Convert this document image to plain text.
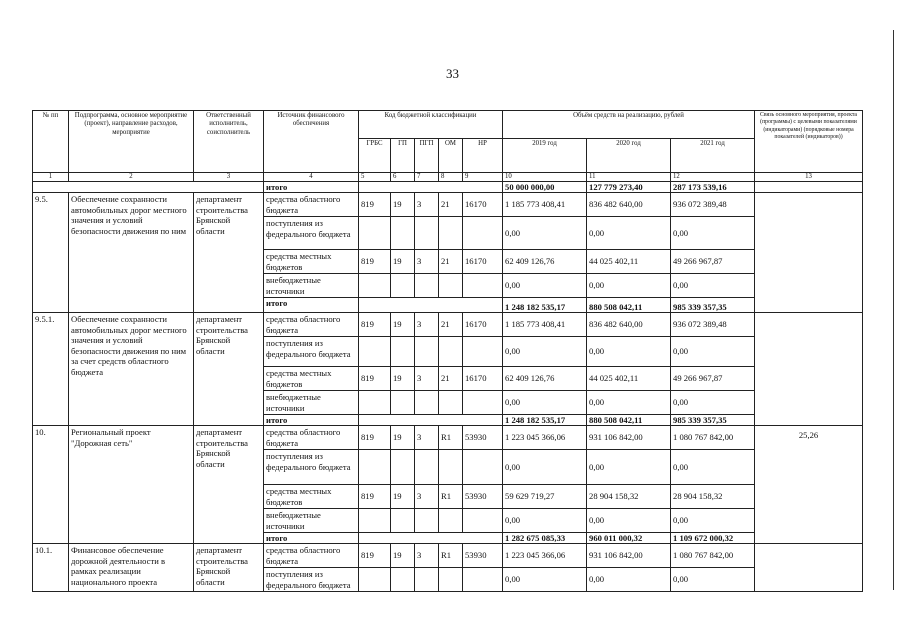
33
№ пп	Подпрограмма, основное мероприятие (проект), направление расходов, мероприятие	Ответственный исполнитель, соисполнитель	Источник финансового обеспечения	Код бюджетной классификации					Объём средств на реализацию, рублей			Связь основного мероприятия, проекта (программы) с целевыми показателями (индикаторами) (порядковые номера показателей (индикаторов))
				ГРБС	ГП	ПГП	ОМ	НР	2019 год	2020 год	2021 год	
1	2	3	4	5	6	7	8	9	10	11	12	13
			итого						50 000 000,00	127 779 273,40	287 173 539,16	
9.5.	Обеспечение сохранности автомобильных дорог местного значения и условий безопасности движения по ним	департамент строительства Брянской области	средства областного бюджета	819	19	3	21	16170	1 185 773 408,41	836 482 640,00	936 072 389,48	
			поступления из федерального бюджета						0,00	0,00	0,00	
			средства местных бюджетов	819	19	3	21	16170	62 409 126,76	44 025 402,11	49 266 967,87	
			внебюджетные источники						0,00	0,00	0,00	
			итого						1 248 182 535,17	880 508 042,11	985 339 357,35	
9.5.1.	Обеспечение сохранности автомобильных дорог местного значения и условий безопасности движения по ним за счет средств областного бюджета	департамент строительства Брянской области	средства областного бюджета	819	19	3	21	16170	1 185 773 408,41	836 482 640,00	936 072 389,48	
			поступления из федерального бюджета						0,00	0,00	0,00	
			средства местных бюджетов	819	19	3	21	16170	62 409 126,76	44 025 402,11	49 266 967,87	
			внебюджетные источники						0,00	0,00	0,00	
			итого						1 248 182 535,17	880 508 042,11	985 339 357,35	
10.	Региональный проект "Дорожная сеть"	департамент строительства Брянской области	средства областного бюджета	819	19	3	R1	53930	1 223 045 366,06	931 106 842,00	1 080 767 842,00	25,26
			поступления из федерального бюджета						0,00	0,00	0,00	
			средства местных бюджетов	819	19	3	R1	53930	59 629 719,27	28 904 158,32	28 904 158,32	
			внебюджетные источники						0,00	0,00	0,00	
			итого						1 282 675 085,33	960 011 000,32	1 109 672 000,32	
10.1.	Финансовое обеспечение дорожной деятельности в рамках реализации национального проекта	департамент строительства Брянской области	средства областного бюджета	819	19	3	R1	53930	1 223 045 366,06	931 106 842,00	1 080 767 842,00	
			поступления из федерального бюджета						0,00	0,00	0,00	
